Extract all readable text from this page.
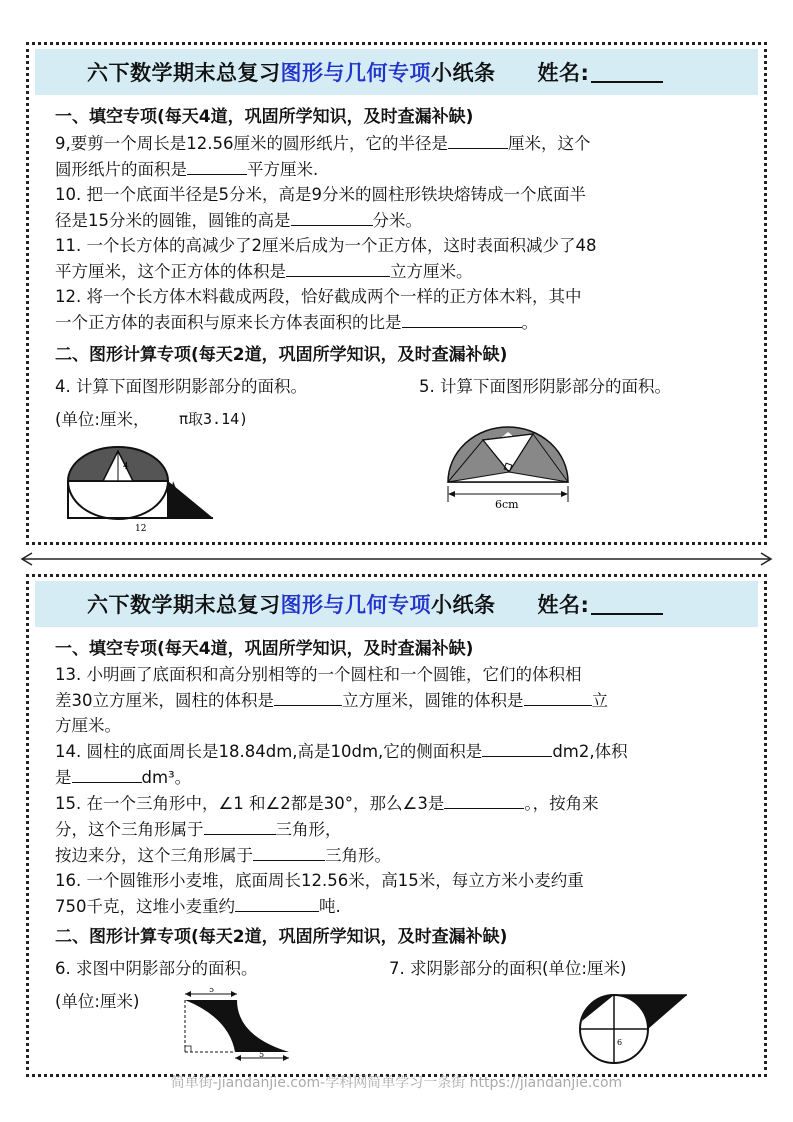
六下数学期末总复习 图形与几何专项 小纸条 姓名:
一、填空专项(每天4道，巩固所学知识，及时查漏补缺)
9,要剪一个周长是12.56厘米的圆形纸片，它的半径是	厘米，这个
圆形纸片的面积是	平方厘米.
10. 把一个底面半径是5分米，高是9分米的圆柱形铁块熔铸成一个底面半
径是15分米的圆锥，圆锥的高是	分米。
11. 一个长方体的高减少了2厘米后成为一个正方体，这时表面积减少了48
平方厘米，这个正方体的体积是	立方厘米。
12. 将一个长方体木料截成两段，恰好截成两个一样的正方体木料，其中
一个正方体的表面积与原来长方体表面积的比是	。
二、图形计算专项(每天2道，巩固所学知识，及时查漏补缺)
4. 计算下面图形阴影部分的面积。	5. 计算下面图形阴影部分的面积。
(单位:厘米， π取3.14)
4
12
6cm
六下数学期末总复习 图形与几何专项 小纸条 姓名:
一、填空专项(每天4道，巩固所学知识，及时查漏补缺)
13. 小明画了底面积和高分别相等的一个圆柱和一个圆锥，它们的体积相
差30立方厘米，圆柱的体积是	立方厘米，圆锥的体积是	立
方厘米。
14. 圆柱的底面周长是18.84dm,高是10dm,它的侧面积是	dm2,体积
是	dm³。
15. 在一个三角形中，∠1 和∠2都是30°，那么∠3是	。，按角来
分，这个三角形属于	三角形，
按边来分，这个三角形属于	三角形。
16. 一个圆锥形小麦堆，底面周长12.56米，高15米，每立方米小麦约重
750千克，这堆小麦重约	吨.
二、图形计算专项(每天2道，巩固所学知识，及时查漏补缺)
6. 求图中阴影部分的面积。	7. 求阴影部分的面积(单位:厘米)
(单位:厘米)
5
5
6
简单街-jiandanjie.com-学科网简单学习一条街 https://jiandanjie.com
